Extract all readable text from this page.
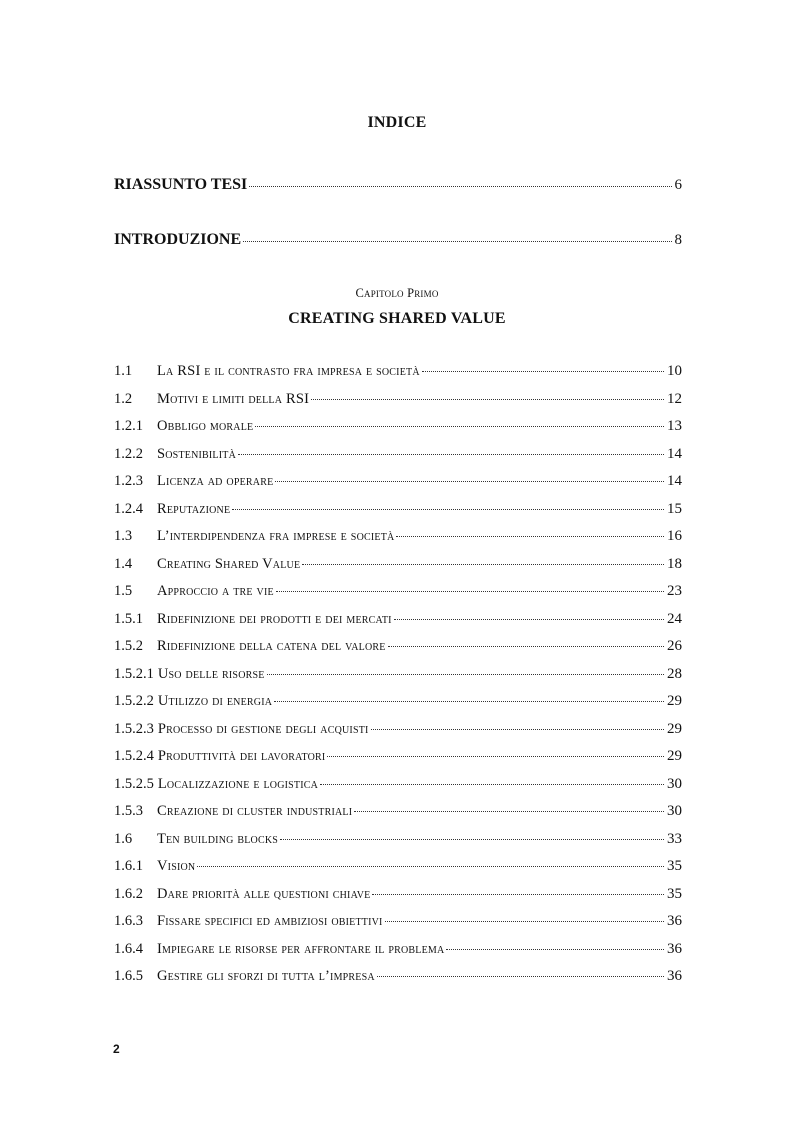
INDICE
RIASSUNTO TESI	6
INTRODUZIONE	8
Capitolo Primo
CREATING SHARED VALUE
1.1	La RSI e il contrasto fra impresa e società	10
1.2	Motivi e limiti della RSI	12
1.2.1 Obbligo morale	13
1.2.2 Sostenibilità	14
1.2.3 Licenza ad operare	14
1.2.4 Reputazione	15
1.3	L’interdipendenza fra imprese e società	16
1.4	Creating Shared Value	18
1.5	Approccio a tre vie	23
1.5.1 Ridefinizione dei prodotti e dei mercati	24
1.5.2 Ridefinizione della catena del valore	26
1.5.2.1 Uso delle risorse	28
1.5.2.2 Utilizzo di energia	29
1.5.2.3 Processo di gestione degli acquisti	29
1.5.2.4 Produttività dei lavoratori	29
1.5.2.5 Localizzazione e logistica	30
1.5.3 Creazione di cluster industriali	30
1.6	Ten building blocks	33
1.6.1 Vision	35
1.6.2 Dare priorità alle questioni chiave	35
1.6.3 Fissare specifici ed ambiziosi obiettivi	36
1.6.4 Impiegare le risorse per affrontare il problema	36
1.6.5 Gestire gli sforzi di tutta l’impresa	36
2
